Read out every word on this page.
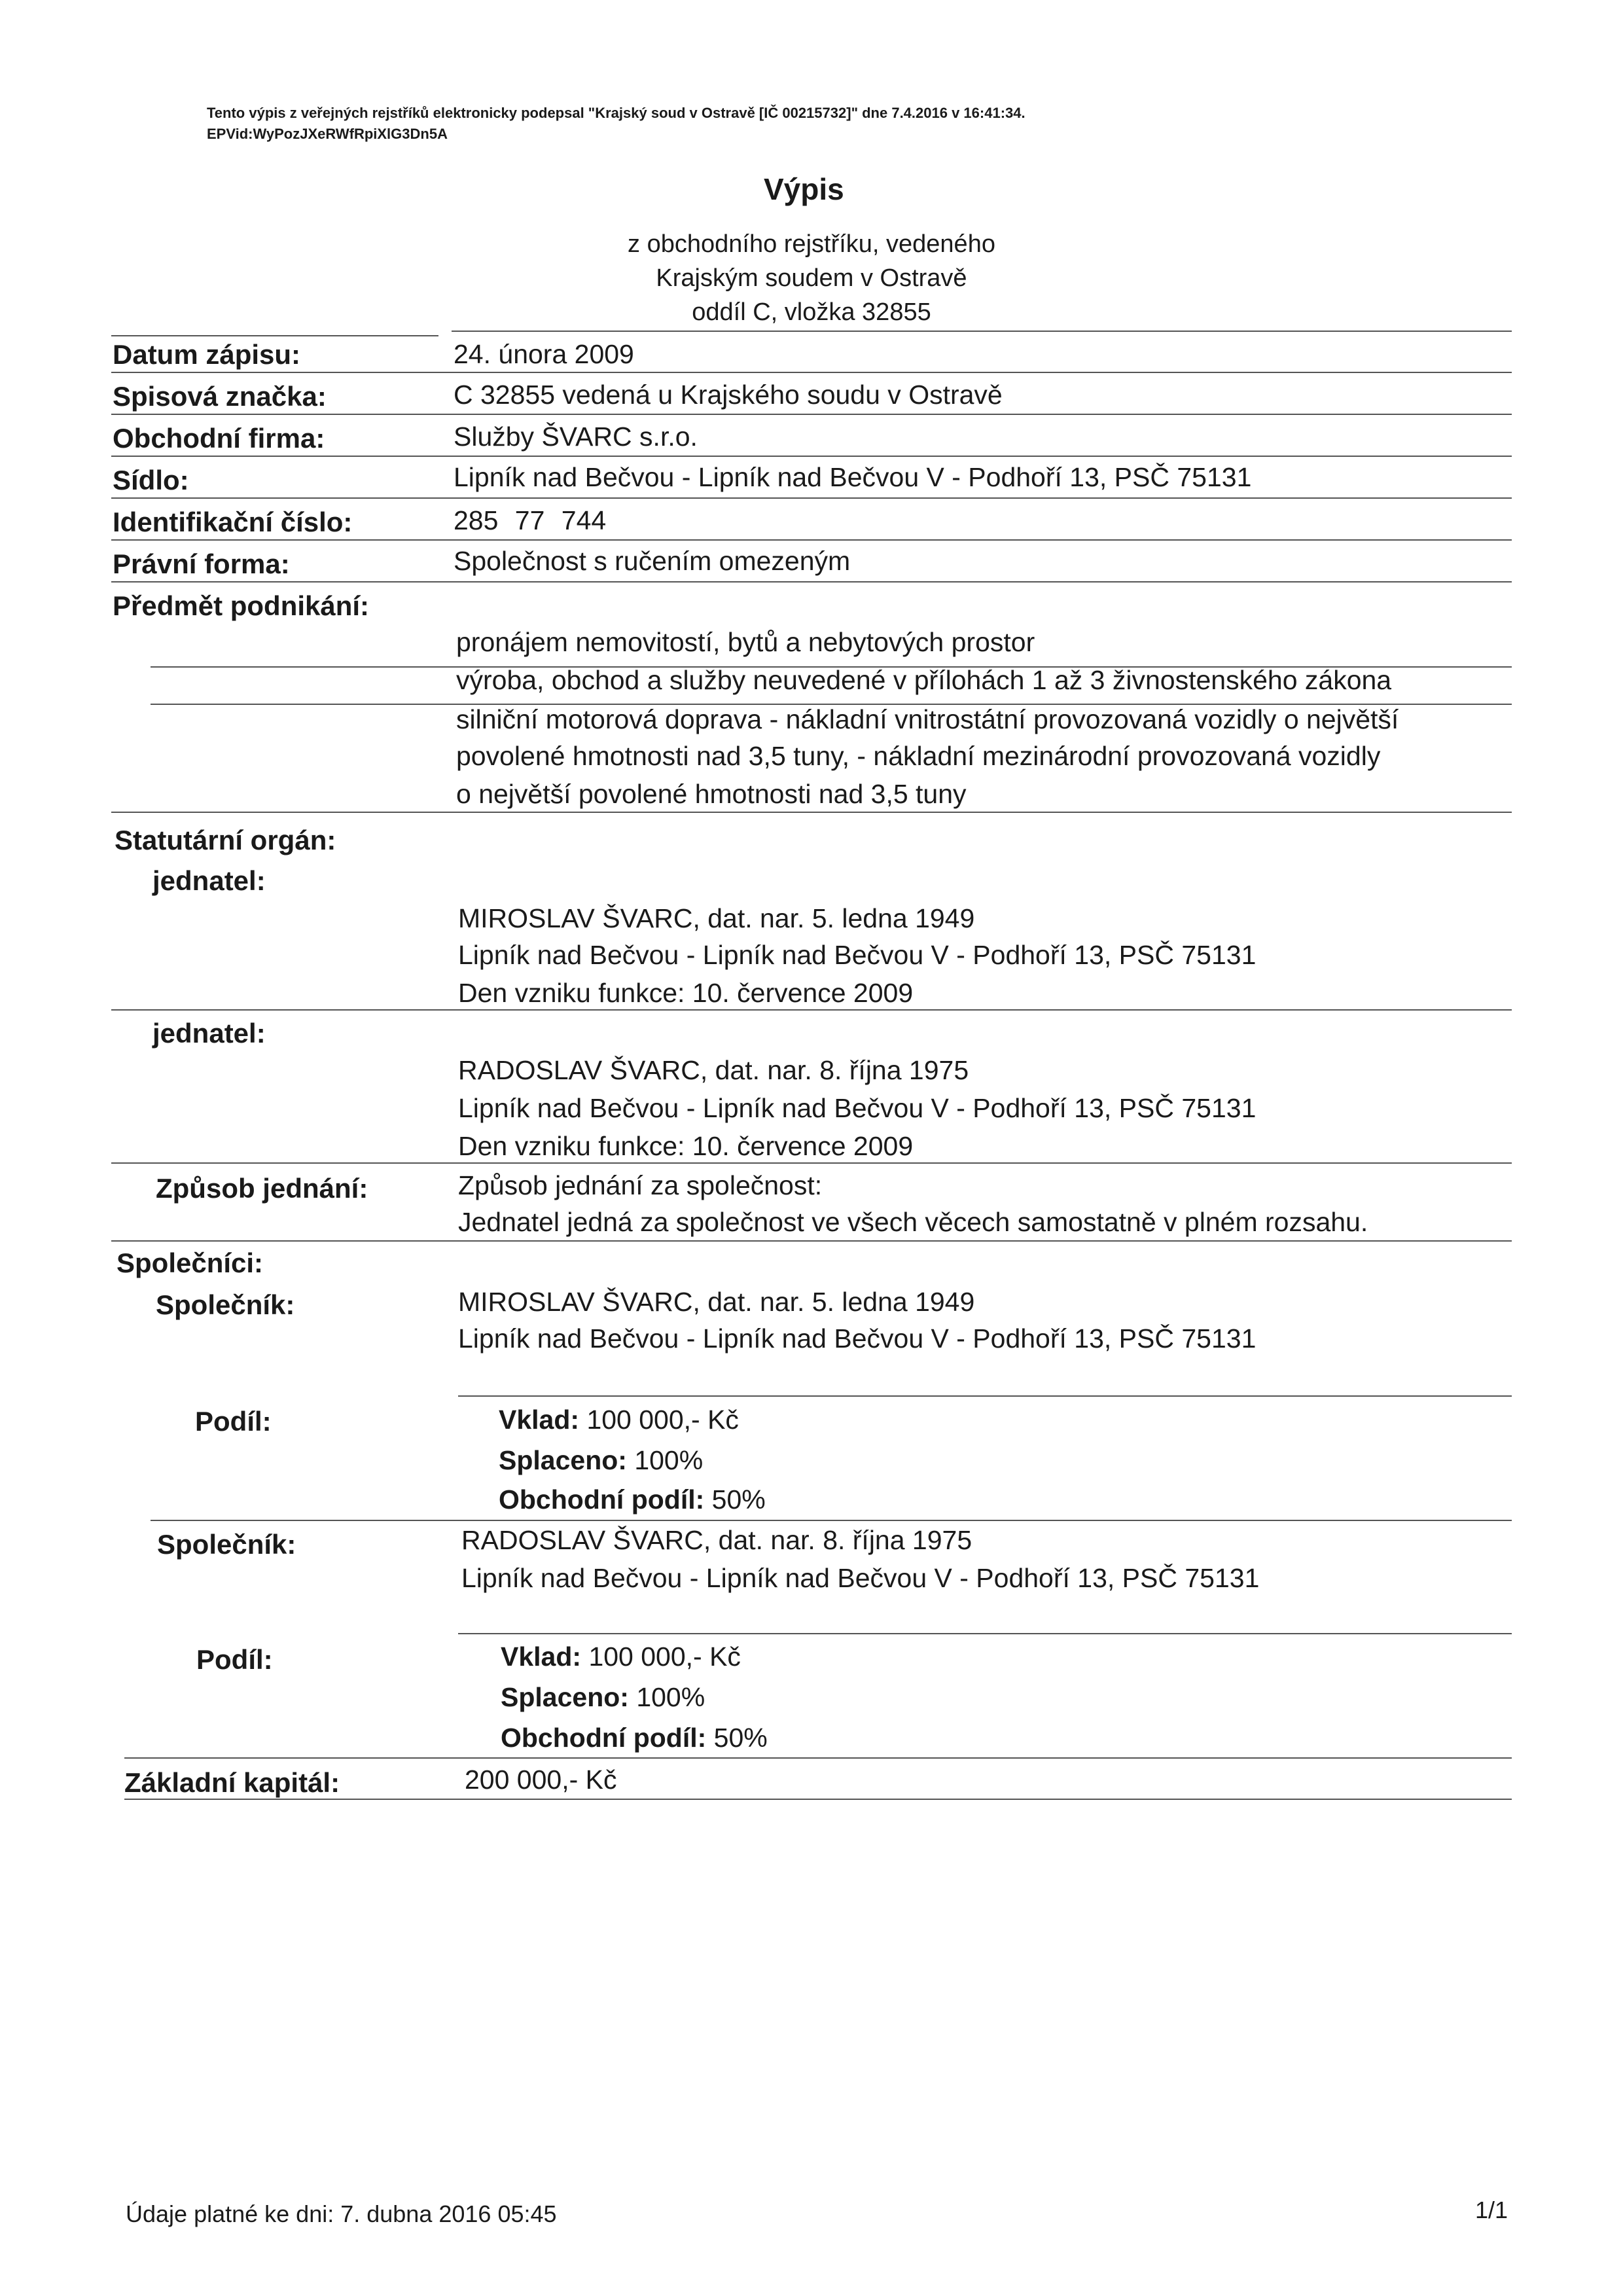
Tento výpis z veřejných rejstříků elektronicky podepsal "Krajský soud v Ostravě [IČ 00215732]" dne 7.4.2016 v 16:41:34.
EPVid:WyPozJXeRWfRpiXlG3Dn5A
Výpis
z obchodního rejstříku, vedeného
Krajským soudem v Ostravě
oddíl C, vložka 32855
Datum zápisu:	24. února 2009
Spisová značka:	C 32855 vedená u Krajského soudu v Ostravě
Obchodní firma:	Služby ŠVARC s.r.o.
Sídlo:	Lipník nad Bečvou - Lipník nad Bečvou V - Podhoří 13, PSČ 75131
Identifikační číslo:	285 77 744
Právní forma:	Společnost s ručením omezeným
Předmět podnikání:
pronájem nemovitostí, bytů a nebytových prostor
výroba, obchod a služby neuvedené v přílohách 1 až 3 živnostenského zákona
silniční motorová doprava - nákladní vnitrostátní provozovaná vozidly o největší
povolené hmotnosti nad 3,5 tuny, - nákladní mezinárodní provozovaná vozidly
o největší povolené hmotnosti nad 3,5 tuny
Statutární orgán:
jednatel:
MIROSLAV ŠVARC, dat. nar. 5. ledna 1949
Lipník nad Bečvou - Lipník nad Bečvou V - Podhoří 13, PSČ 75131
Den vzniku funkce: 10. července 2009
jednatel:
RADOSLAV ŠVARC, dat. nar. 8. října 1975
Lipník nad Bečvou - Lipník nad Bečvou V - Podhoří 13, PSČ 75131
Den vzniku funkce: 10. července 2009
Způsob jednání:	Způsob jednání za společnost:
Jednatel jedná za společnost ve všech věcech samostatně v plném rozsahu.
Společníci:
Společník:	MIROSLAV ŠVARC, dat. nar. 5. ledna 1949
Lipník nad Bečvou - Lipník nad Bečvou V - Podhoří 13, PSČ 75131
Podíl:	Vklad: 100 000,- Kč
Splaceno: 100%
Obchodní podíl: 50%
Společník:	RADOSLAV ŠVARC, dat. nar. 8. října 1975
Lipník nad Bečvou - Lipník nad Bečvou V - Podhoří 13, PSČ 75131
Podíl:	Vklad: 100 000,- Kč
Splaceno: 100%
Obchodní podíl: 50%
Základní kapitál:	200 000,- Kč
Údaje platné ke dni: 7. dubna 2016 05:45	1/1
